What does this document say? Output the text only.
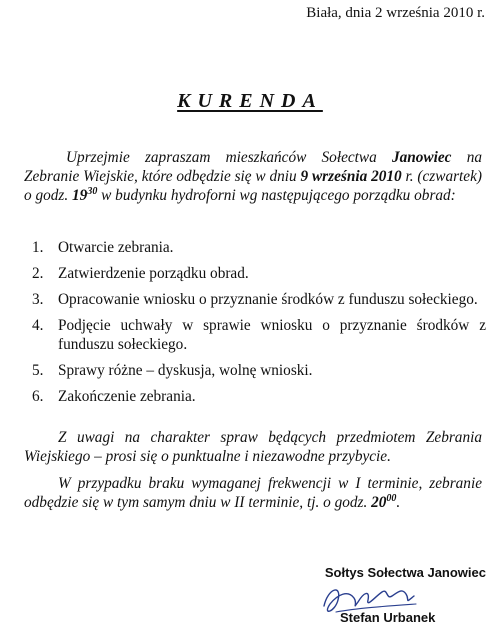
Biała, dnia 2 września 2010 r.
KURENDA

Uprzejmie zapraszam mieszkańców Sołectwa Janowiec na Zebranie Wiejskie, które odbędzie się w dniu 9 września 2010 r. (czwartek) o godz. $19^{30}$ w budynku hydroforni wg następującego porządku obrad:

1. Otwarcie zebrania.
2. Zatwierdzenie porządku obrad.
3. Opracowanie wniosku o przyznanie środków z funduszu sołeckiego.
4. Podjęcie uchwały w sprawie wniosku o przyznanie środków z funduszu sołeckiego.
5. Sprawy różne – dyskusja, wolnę wnioski.
6. Zakończenie zebrania.

Z uwagi na charakter spraw będących przedmiotem Zebrania Wiejskiego – prosi się o punktualne i niezawodne przybycie.

W przypadku braku wymaganej frekwencji w I terminie, zebranie odbędzie się w tym samym dniu w II terminie, tj. o godz. $20^{00}$.

Sołtys Sołectwa Janowiec
Stefan Urbanek
